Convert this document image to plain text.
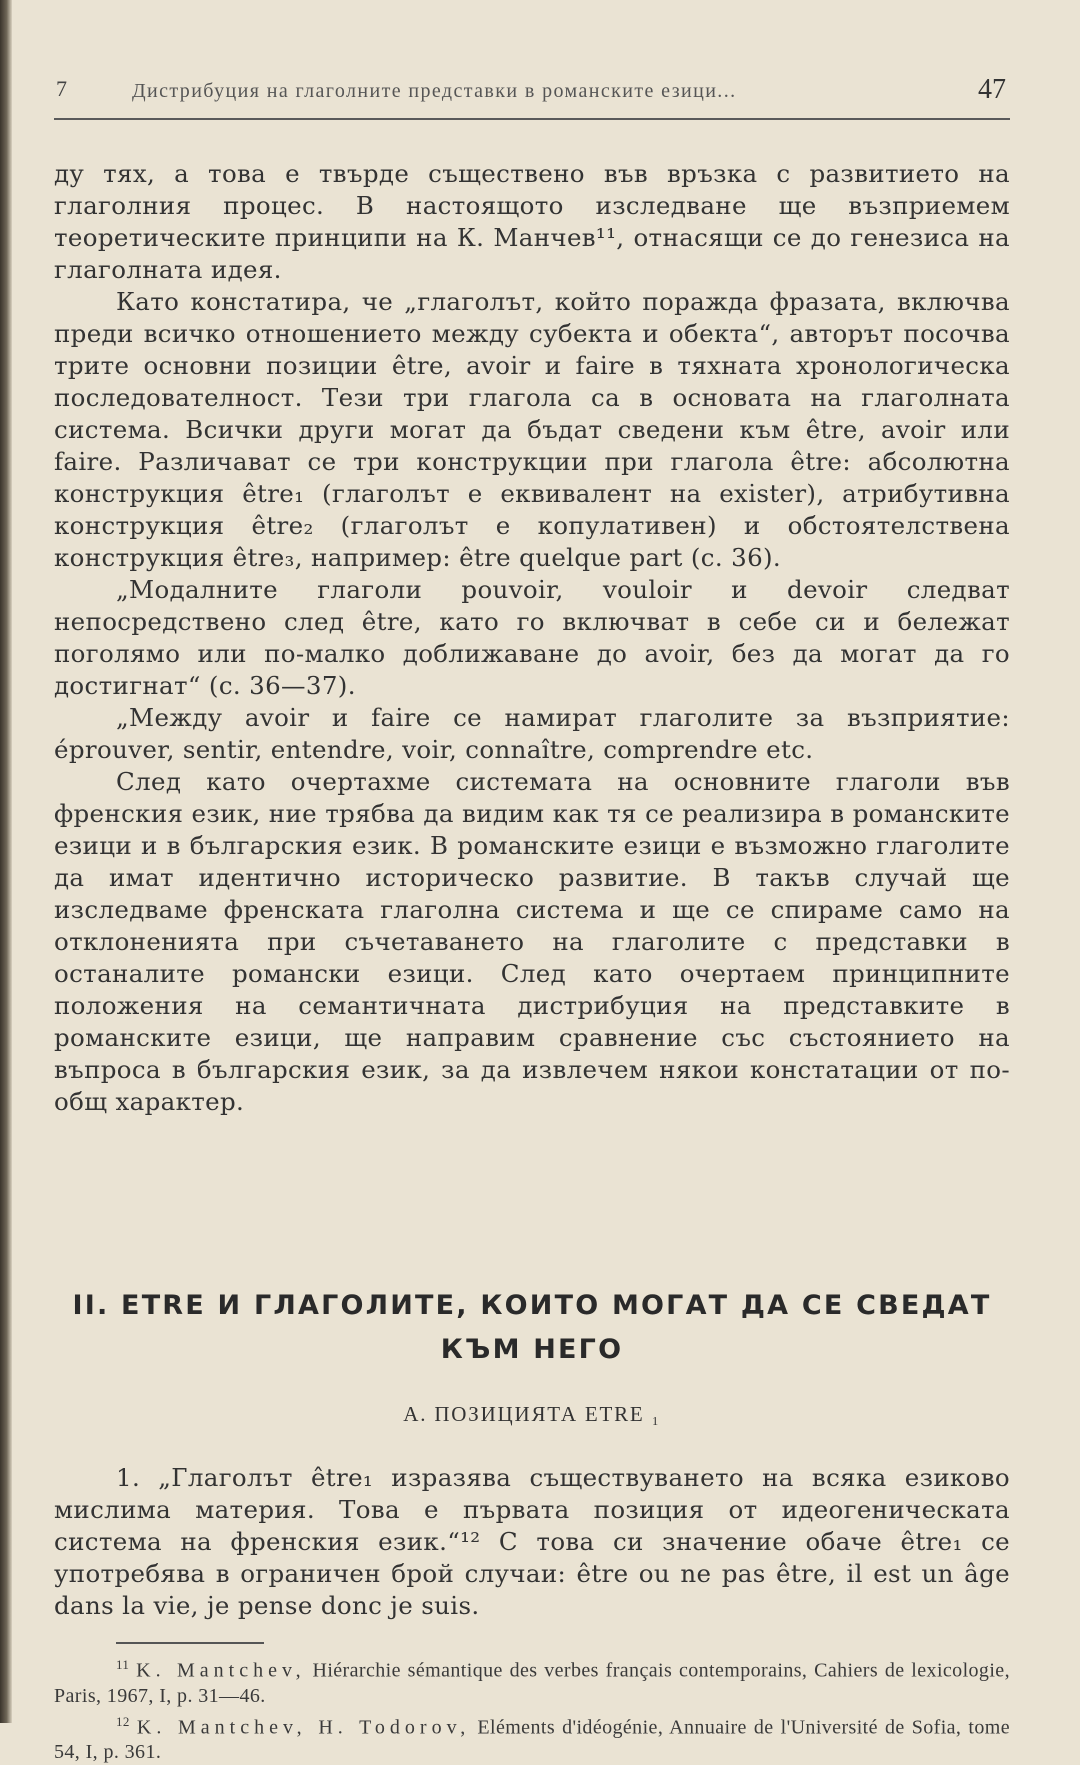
7	Дистрибуция на глаголните представки в романските езици...	47

ду тях, а това е твърде съществено във връзка с развитието на глаголния процес. В настоящото изследване ще възприемем теоретическите принципи на К. Манчев¹¹, отнасящи се до генезиса на глаголната идея.

Като констатира, че „глаголът, който поражда фразата, включва преди всичко отношението между субекта и обекта“, авторът посочва трите основни позиции être, avoir и faire в тяхната хронологическа последователност. Тези три глагола са в основата на глаголната система. Всички други могат да бъдат сведени към être, avoir или faire. Различават се три конструкции при глагола être: абсолютна конструкция être₁ (глаголът е еквивалент на exister), атрибутивна конструкция être₂ (глаголът е копулативен) и обстоятелствена конструкция être₃, например: être quelque part (с. 36).

„Модалните глаголи pouvoir, vouloir и devoir следват непосредствено след être, като го включват в себе си и бележат поголямо или по-малко доближаване до avoir, без да могат да го достигнат“ (с. 36—37).

„Между avoir и faire се намират глаголите за възприятие: éprouver, sentir, entendre, voir, connaître, comprendre etc.

След като очертахме системата на основните глаголи във френския език, ние трябва да видим как тя се реализира в романските езици и в българския език. В романските езици е възможно глаголите да имат идентично историческо развитие. В такъв случай ще изследваме френската глаголна система и ще се спираме само на отклоненията при съчетаването на глаголите с представки в останалите романски езици. След като очертаем принципните положения на семантичната дистрибуция на представките в романските езици, ще направим сравнение със състоянието на въпроса в българския език, за да извлечем някои констатации от по-общ характер.

II. ETRE И ГЛАГОЛИТЕ, КОИТО МОГАТ ДА СЕ СВЕДАТ
КЪМ НЕГО
А. ПОЗИЦИЯТА ETRE ₁

1. „Глаголът être₁ изразява съществуването на всяка езиково мислима материя. Това е първата позиция от идеогеническата система на френския език.“¹² С това си значение обаче être₁ се употребява в ограничен брой случаи: être ou ne pas être, il est un âge dans la vie, je pense donc je suis.

$^{11}$ K. Mantchev, Hiérarchie sémantique des verbes français contemporains, Cahiers de lexicologie, Paris, 1967, I, p. 31—46.

$^{12}$ K. Mantchev, H. Todorov, Eléments d'idéogénie, Annuaire de l'Université de Sofia, tome 54, I, p. 361.
